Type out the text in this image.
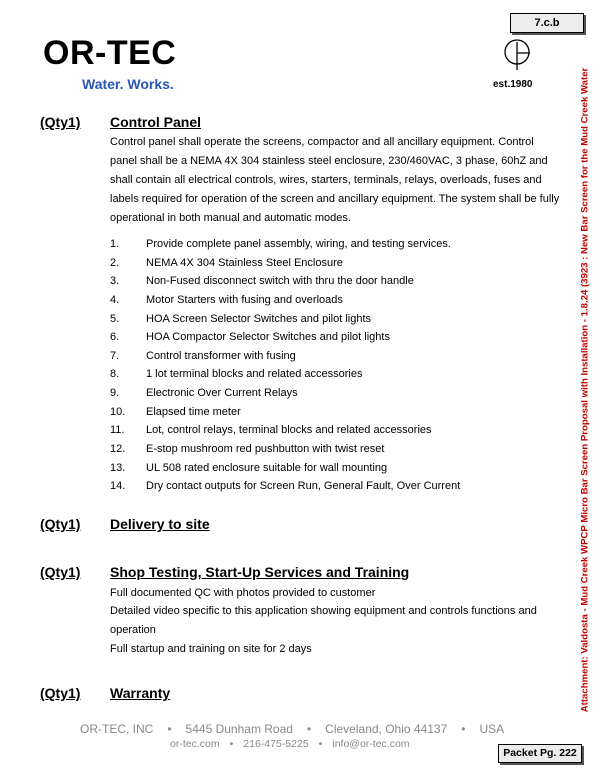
7.c.b
OR-TEC
Water. Works.	est.1980	Attachment: Valdosta - Mud Creek WPCP Micro Bar Screen Proposal with Installation - 1.8.24 (3923 : New Bar Screen for the Mud Creek Water
(Qty1) Control Panel
Control panel shall operate the screens, compactor and all ancillary equipment. Control panel shall be a NEMA 4X 304 stainless steel enclosure, 230/460VAC, 3 phase, 60hZ and shall contain all electrical controls, wires, starters, terminals, relays, overloads, fuses and labels required for operation of the screen and ancillary equipment. The system shall be fully operational in both manual and automatic modes.
1. Provide complete panel assembly, wiring, and testing services.
2. NEMA 4X 304 Stainless Steel Enclosure
3. Non-Fused disconnect switch with thru the door handle
4. Motor Starters with fusing and overloads
5. HOA Screen Selector Switches and pilot lights
6. HOA Compactor Selector Switches and pilot lights
7. Control transformer with fusing
8. 1 lot terminal blocks and related accessories
9. Electronic Over Current Relays
10. Elapsed time meter
11. Lot, control relays, terminal blocks and related accessories
12. E-stop mushroom red pushbutton with twist reset
13. UL 508 rated enclosure suitable for wall mounting
14. Dry contact outputs for Screen Run, General Fault, Over Current
(Qty1) Delivery to site
(Qty1) Shop Testing, Start-Up Services and Training
Full documented QC with photos provided to customer
Detailed video specific to this application showing equipment and controls functions and operation
Full startup and training on site for 2 days
(Qty1) Warranty
OR-TEC, INC • 5445 Dunham Road • Cleveland, Ohio 44137 • USA
or-tec.com • 216-475-5225 • info@or-tec.com
Packet Pg. 222
